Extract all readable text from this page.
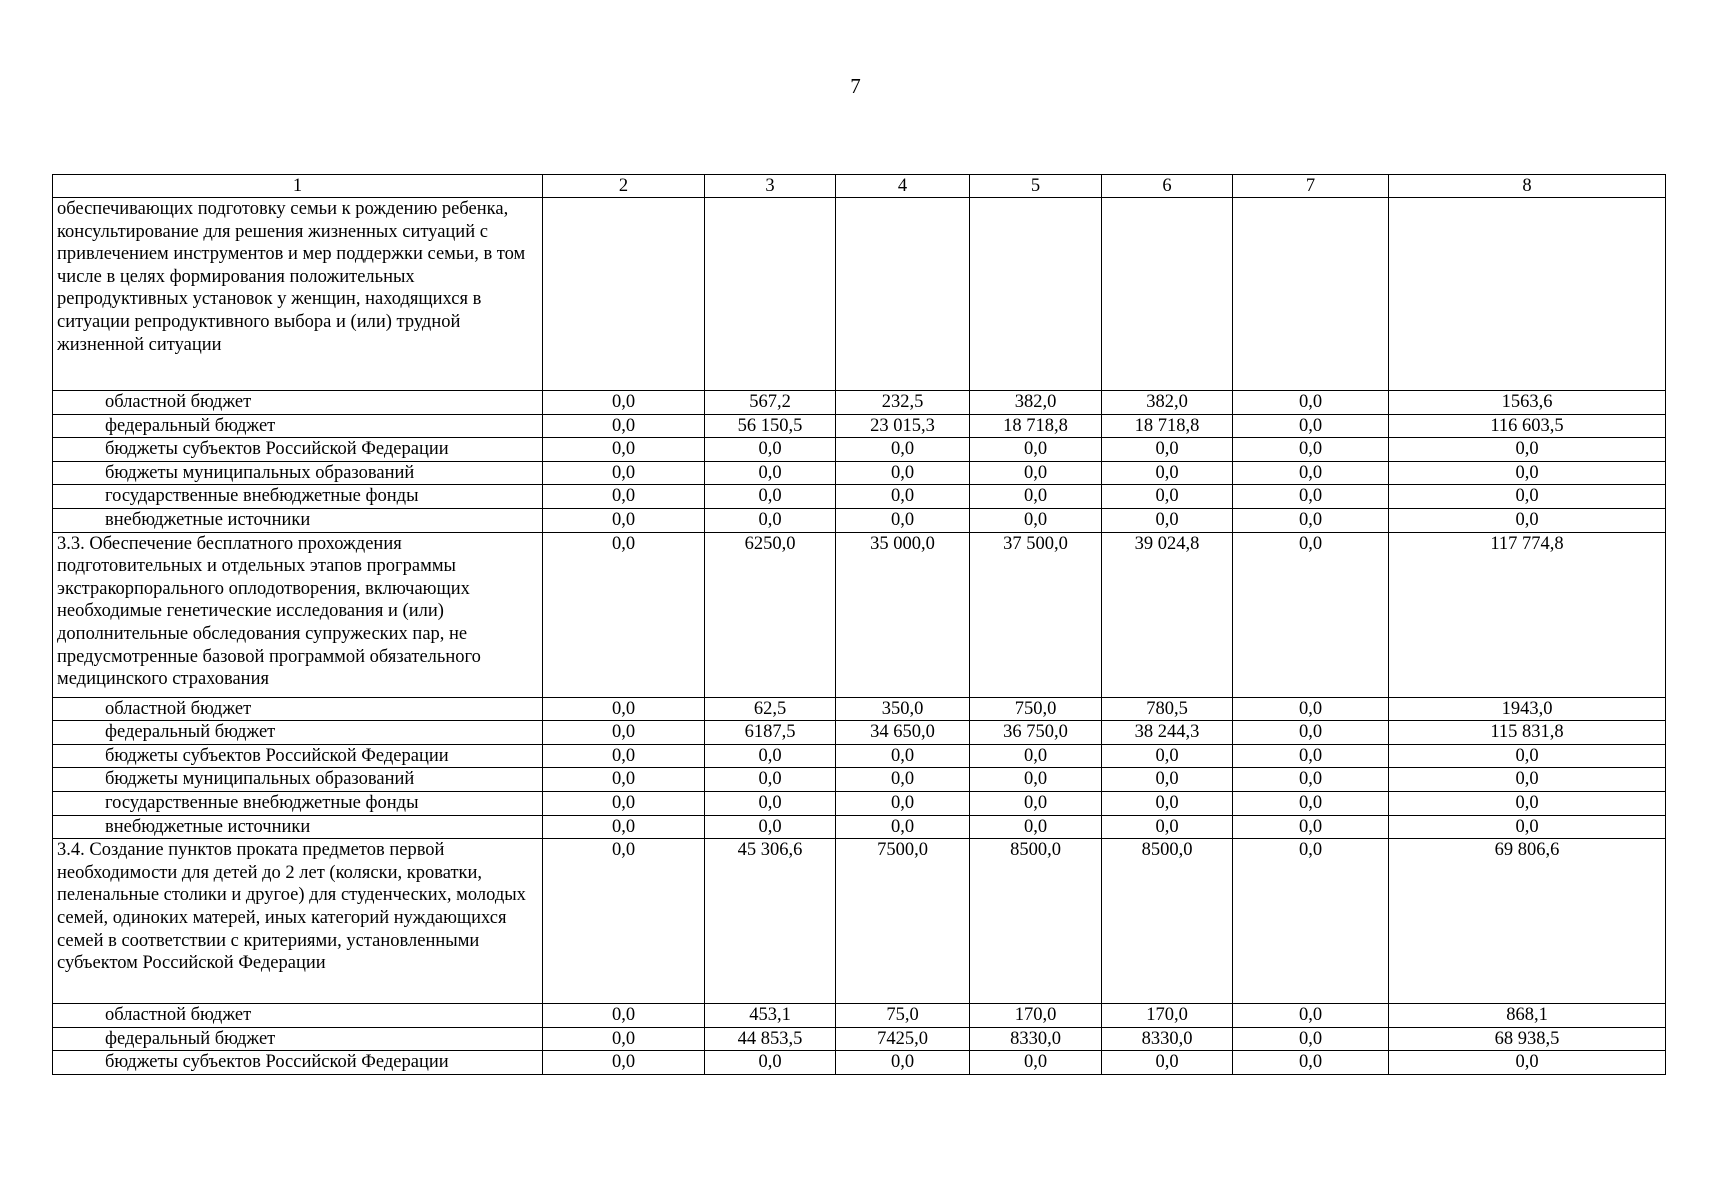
7
1	2	3	4	5	6	7	8
обеспечивающих подготовку семьи к рождению ребенка, консультирование для решения жизненных ситуаций с привлечением инструментов и мер поддержки семьи, в том числе в целях формирования положительных репродуктивных установок у женщин, находящихся в ситуации репродуктивного выбора и (или) трудной жизненной ситуации							
областной бюджет	0,0	567,2	232,5	382,0	382,0	0,0	1563,6
федеральный бюджет	0,0	56 150,5	23 015,3	18 718,8	18 718,8	0,0	116 603,5
бюджеты субъектов Российской Федерации	0,0	0,0	0,0	0,0	0,0	0,0	0,0
бюджеты муниципальных образований	0,0	0,0	0,0	0,0	0,0	0,0	0,0
государственные внебюджетные фонды	0,0	0,0	0,0	0,0	0,0	0,0	0,0
внебюджетные источники	0,0	0,0	0,0	0,0	0,0	0,0	0,0
3.3. Обеспечение бесплатного прохождения подготовительных и отдельных этапов программы экстракорпорального оплодотворения, включающих необходимые генетические исследования и (или) дополнительные обследования супружеских пар, не предусмотренные базовой программой обязательного медицинского страхования	0,0	6250,0	35 000,0	37 500,0	39 024,8	0,0	117 774,8
областной бюджет	0,0	62,5	350,0	750,0	780,5	0,0	1943,0
федеральный бюджет	0,0	6187,5	34 650,0	36 750,0	38 244,3	0,0	115 831,8
бюджеты субъектов Российской Федерации	0,0	0,0	0,0	0,0	0,0	0,0	0,0
бюджеты муниципальных образований	0,0	0,0	0,0	0,0	0,0	0,0	0,0
государственные внебюджетные фонды	0,0	0,0	0,0	0,0	0,0	0,0	0,0
внебюджетные источники	0,0	0,0	0,0	0,0	0,0	0,0	0,0
3.4. Создание пунктов проката предметов первой необходимости для детей до 2 лет (коляски, кроватки, пеленальные столики и другое) для студенческих, молодых семей, одиноких матерей, иных категорий нуждающихся семей в соответствии с критериями, установленными субъектом Российской Федерации	0,0	45 306,6	7500,0	8500,0	8500,0	0,0	69 806,6
областной бюджет	0,0	453,1	75,0	170,0	170,0	0,0	868,1
федеральный бюджет	0,0	44 853,5	7425,0	8330,0	8330,0	0,0	68 938,5
бюджеты субъектов Российской Федерации	0,0	0,0	0,0	0,0	0,0	0,0	0,0
